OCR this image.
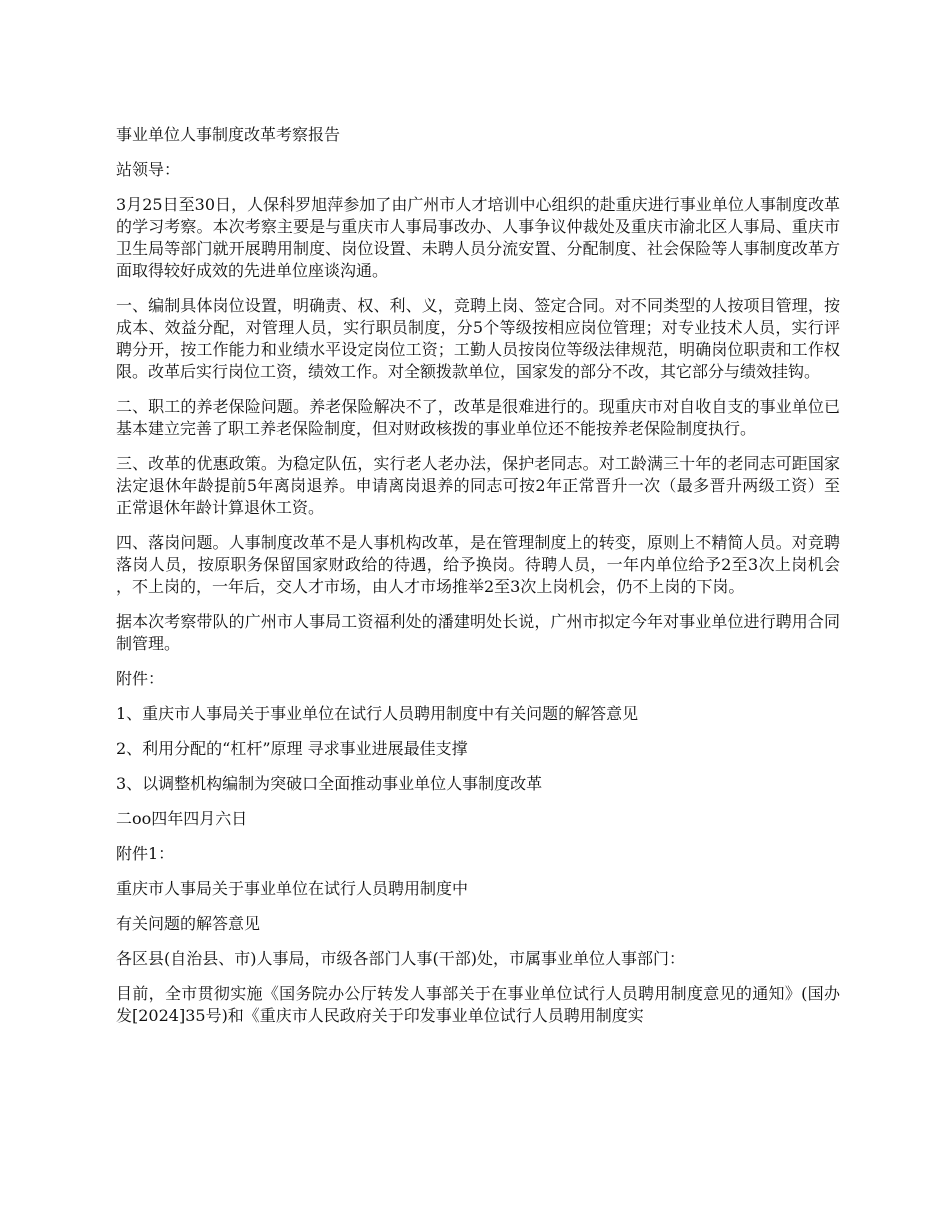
事业单位人事制度改革考察报告

站领导：

3月25日至30日，人保科罗旭萍参加了由广州市人才培训中心组织的赴重庆进行事业单位人事制度改革的学习考察。本次考察主要是与重庆市人事局事改办、人事争议仲裁处及重庆市渝北区人事局、重庆市卫生局等部门就开展聘用制度、岗位设置、未聘人员分流安置、分配制度、社会保险等人事制度改革方面取得较好成效的先进单位座谈沟通。

一、编制具体岗位设置，明确责、权、利、义，竞聘上岗、签定合同。对不同类型的人按项目管理，按成本、效益分配，对管理人员，实行职员制度，分5个等级按相应岗位管理；对专业技术人员，实行评聘分开，按工作能力和业绩水平设定岗位工资；工勤人员按岗位等级法律规范，明确岗位职责和工作权限。改革后实行岗位工资，绩效工作。对全额拨款单位，国家发的部分不改，其它部分与绩效挂钩。

二、职工的养老保险问题。养老保险解决不了，改革是很难进行的。现重庆市对自收自支的事业单位已基本建立完善了职工养老保险制度，但对财政核拨的事业单位还不能按养老保险制度执行。

三、改革的优惠政策。为稳定队伍，实行老人老办法，保护老同志。对工龄满三十年的老同志可距国家法定退休年龄提前5年离岗退养。申请离岗退养的同志可按2年正常晋升一次（最多晋升两级工资）至正常退休年龄计算退休工资。

四、落岗问题。人事制度改革不是人事机构改革，是在管理制度上的转变，原则上不精简人员。对竞聘落岗人员，按原职务保留国家财政给的待遇，给予换岗。待聘人员，一年内单位给予2至3次上岗机会，不上岗的，一年后，交人才市场，由人才市场推举2至3次上岗机会，仍不上岗的下岗。

据本次考察带队的广州市人事局工资福利处的潘建明处长说，广州市拟定今年对事业单位进行聘用合同制管理。

附件：

1、重庆市人事局关于事业单位在试行人员聘用制度中有关问题的解答意见

2、利用分配的“杠杆”原理 寻求事业进展最佳支撑

3、以调整机构编制为突破口全面推动事业单位人事制度改革

二oo四年四月六日

附件1：

重庆市人事局关于事业单位在试行人员聘用制度中

有关问题的解答意见

各区县(自治县、市)人事局，市级各部门人事(干部)处，市属事业单位人事部门：

目前，全市贯彻实施《国务院办公厅转发人事部关于在事业单位试行人员聘用制度意见的通知》(国办发[2024]35号)和《重庆市人民政府关于印发事业单位试行人员聘用制度实
